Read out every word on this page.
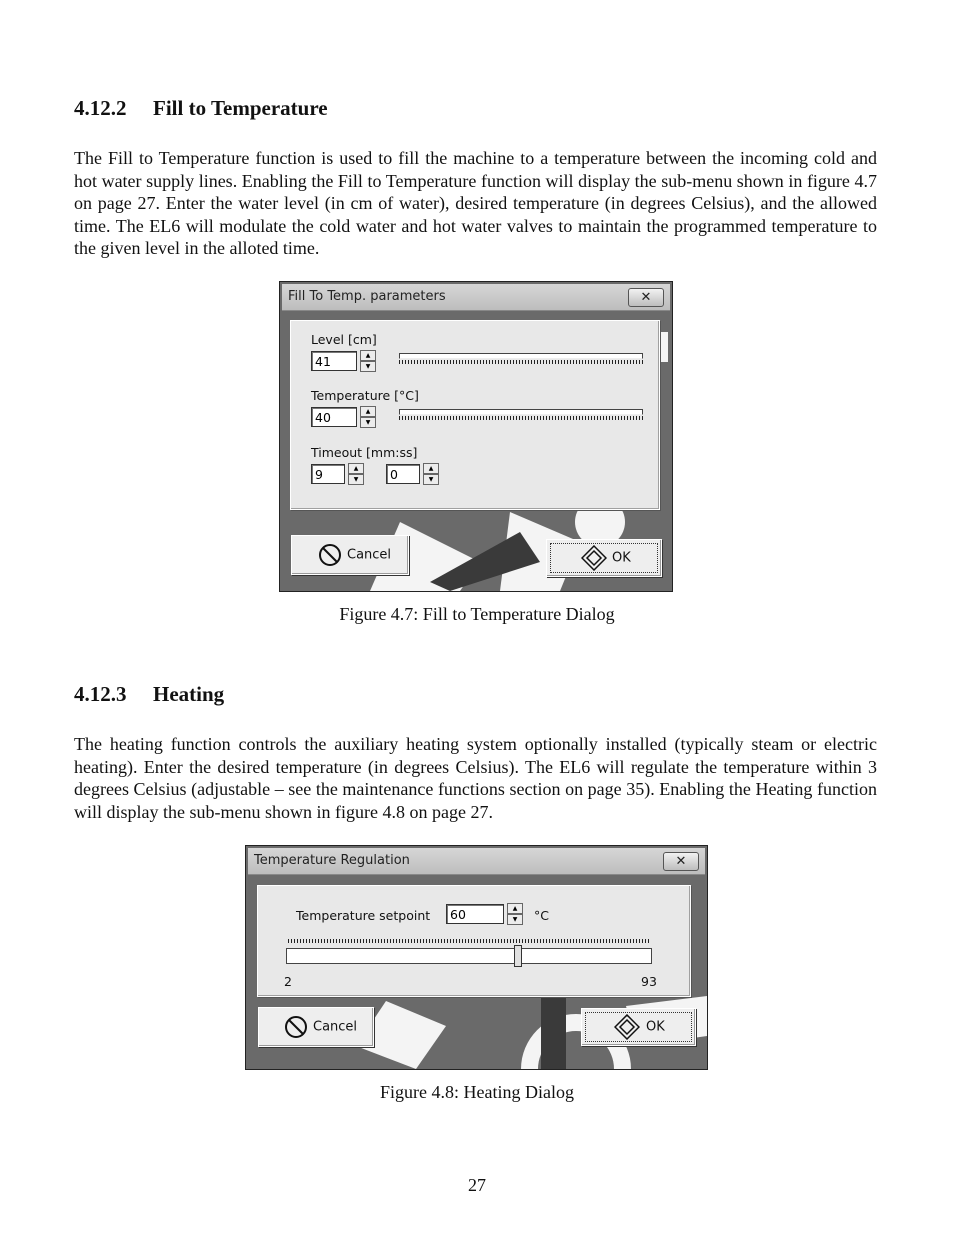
4.12.2 Fill to Temperature

The Fill to Temperature function is used to fill the machine to a temperature between the incoming cold and hot water supply lines. Enabling the Fill to Temperature function will display the sub-menu shown in figure 4.7 on page 27. Enter the water level (in cm of water), desired temperature (in degrees Celsius), and the allowed time. The EL6 will modulate the cold water and hot water valves to maintain the programmed temperature to the given level in the alloted time.

Fill To Temp. parameters	✕
Level [cm]
41	▲
▼
Temperature [°C]
40	▲
▼
Timeout [mm:ss]
9	▲
▼	0	▲
▼
Cancel	OK
Figure 4.7: Fill to Temperature Dialog
4.12.3 Heating

The heating function controls the auxiliary heating system optionally installed (typically steam or electric heating). Enter the desired temperature (in degrees Celsius). The EL6 will regulate the temperature within 3 degrees Celsius (adjustable – see the maintenance functions section on page 35). Enabling the Heating function will display the sub-menu shown in figure 4.8 on page 27.

Temperature Regulation	✕
Temperature setpoint	60	▲
▼	°C
2	93
Cancel	OK
Figure 4.8: Heating Dialog
27
